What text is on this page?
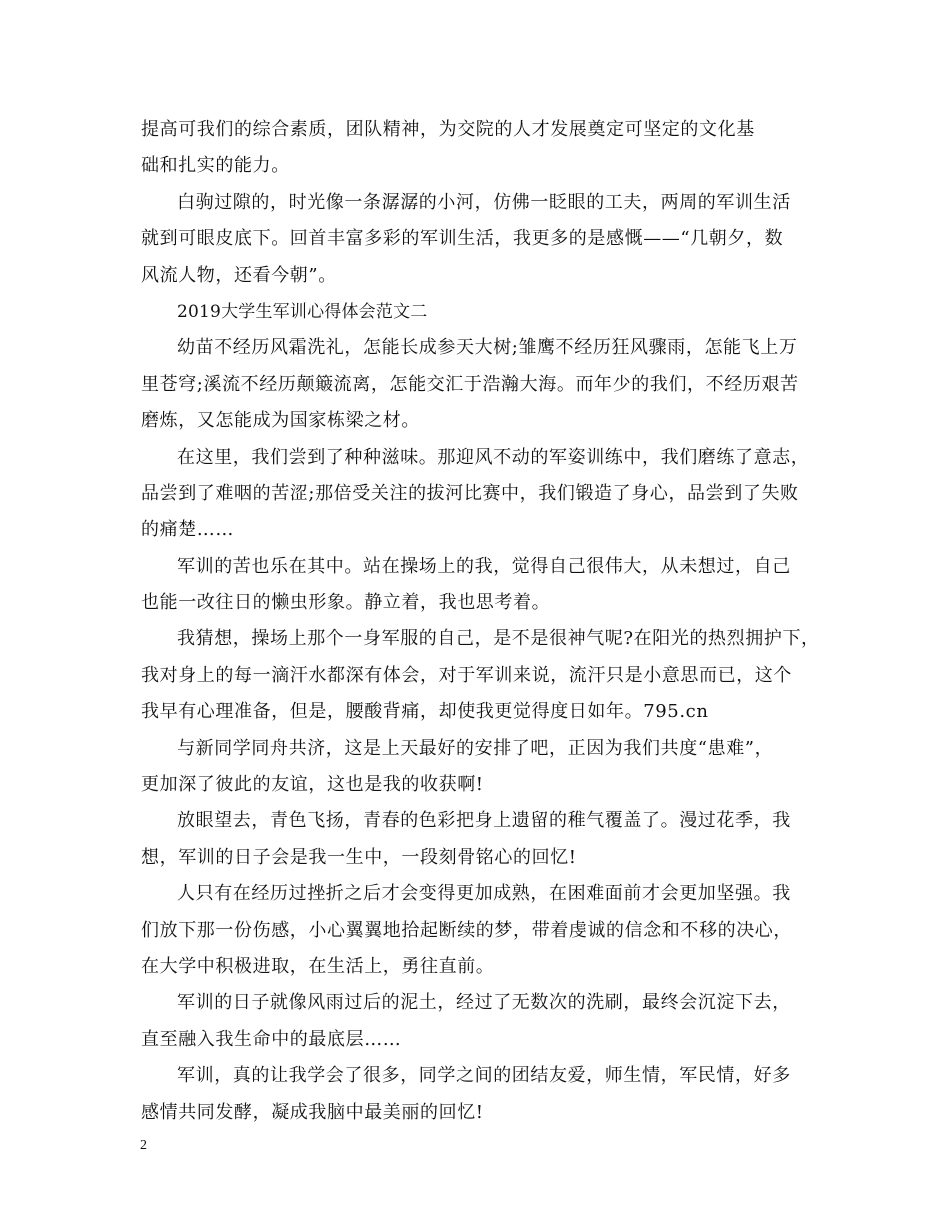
提高可我们的综合素质，团队精神，为交院的人才发展奠定可坚定的文化基
础和扎实的能力。
白驹过隙的，时光像一条潺潺的小河，仿佛一眨眼的工夫，两周的军训生活
就到可眼皮底下。回首丰富多彩的军训生活，我更多的是感慨——“几朝夕，数
风流人物，还看今朝”。
2019大学生军训心得体会范文二
幼苗不经历风霜洗礼，怎能长成参天大树;雏鹰不经历狂风骤雨，怎能飞上万
里苍穹;溪流不经历颠簸流离，怎能交汇于浩瀚大海。而年少的我们，不经历艰苦
磨炼，又怎能成为国家栋梁之材。
在这里，我们尝到了种种滋味。那迎风不动的军姿训练中，我们磨练了意志，
品尝到了难咽的苦涩;那倍受关注的拔河比赛中，我们锻造了身心，品尝到了失败
的痛楚……
军训的苦也乐在其中。站在操场上的我，觉得自己很伟大，从未想过，自己
也能一改往日的懒虫形象。静立着，我也思考着。
我猜想，操场上那个一身军服的自己，是不是很神气呢?在阳光的热烈拥护下，
我对身上的每一滴汗水都深有体会，对于军训来说，流汗只是小意思而已，这个
我早有心理准备，但是，腰酸背痛，却使我更觉得度日如年。795.cn
与新同学同舟共济，这是上天最好的安排了吧，正因为我们共度“患难”，
更加深了彼此的友谊，这也是我的收获啊!
放眼望去，青色飞扬，青春的色彩把身上遗留的稚气覆盖了。漫过花季，我
想，军训的日子会是我一生中，一段刻骨铭心的回忆!
人只有在经历过挫折之后才会变得更加成熟，在困难面前才会更加坚强。我
们放下那一份伤感，小心翼翼地拾起断续的梦，带着虔诚的信念和不移的决心，
在大学中积极进取，在生活上，勇往直前。
军训的日子就像风雨过后的泥土，经过了无数次的洗刷，最终会沉淀下去，
直至融入我生命中的最底层……
军训，真的让我学会了很多，同学之间的团结友爱，师生情，军民情，好多
感情共同发酵，凝成我脑中最美丽的回忆!
2
